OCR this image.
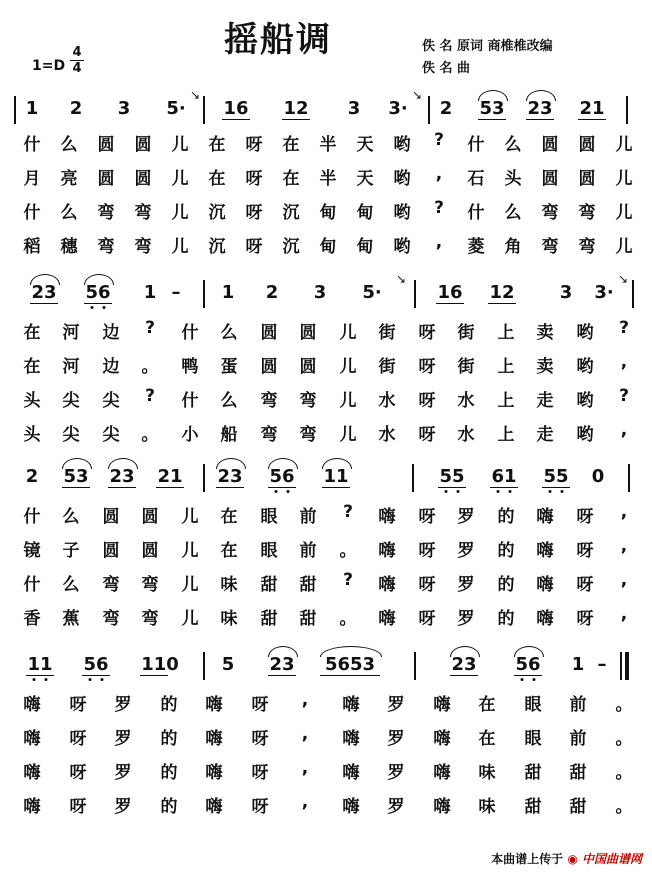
摇船调	佚 名 原词 商椎椎改编
佚 名 曲
1=D
4
4
1 2 3 5·
↘
16 12 3 3·
↘
2 53 23 21
什 么 圆 圆 儿 在 呀 在 半 天 哟 ? 什 么 圆 圆 儿
月 亮 圆 圆 儿 在 呀 在 半 天 哟 , 石 头 圆 圆 儿
什 么 弯 弯 儿 沉 呀 沉 甸 甸 哟 ? 什 么 弯 弯 儿
稻 穗 弯 弯 儿 沉 呀 沉 甸 甸 哟 , 菱 角 弯 弯 儿
23 56 1 – 1 2 3 5·
↘
16 12	3 3·
↘
在 河 边 ? 什 么 圆 圆 儿 街 呀 街 上 卖 哟 ?
在 河 边 。 鸭 蛋 圆 圆 儿 街 呀 街 上 卖 哟 ,
头 尖 尖 ? 什 么 弯 弯 儿 水 呀 水 上 走 哟 ?
头 尖 尖 。 小 船 弯 弯 儿 水 呀 水 上 走 哟 ,
2 53 23 21 23 56 11	55 61 55 0
什 么 圆 圆 儿 在 眼 前 ? 嗨 呀 罗 的 嗨 呀 ,
镜 子 圆 圆 儿 在 眼 前 。 嗨 呀 罗 的 嗨 呀 ,
什 么 弯 弯 儿 味 甜 甜 ? 嗨 呀 罗 的 嗨 呀 ,
香 蕉 弯 弯 儿 味 甜 甜 。 嗨 呀 罗 的 嗨 呀 ,
11 56 110 5 23 5653	23 56 1 –
嗨 呀 罗 的 嗨 呀 , 嗨 罗 嗨 在 眼 前 。
嗨 呀 罗 的 嗨 呀 , 嗨 罗 嗨 在 眼 前 。
嗨 呀 罗 的 嗨 呀 , 嗨 罗 嗨 味 甜 甜 。
嗨 呀 罗 的 嗨 呀 , 嗨 罗 嗨 味 甜 甜 。
本曲谱上传于 ◉ 中国曲谱网
